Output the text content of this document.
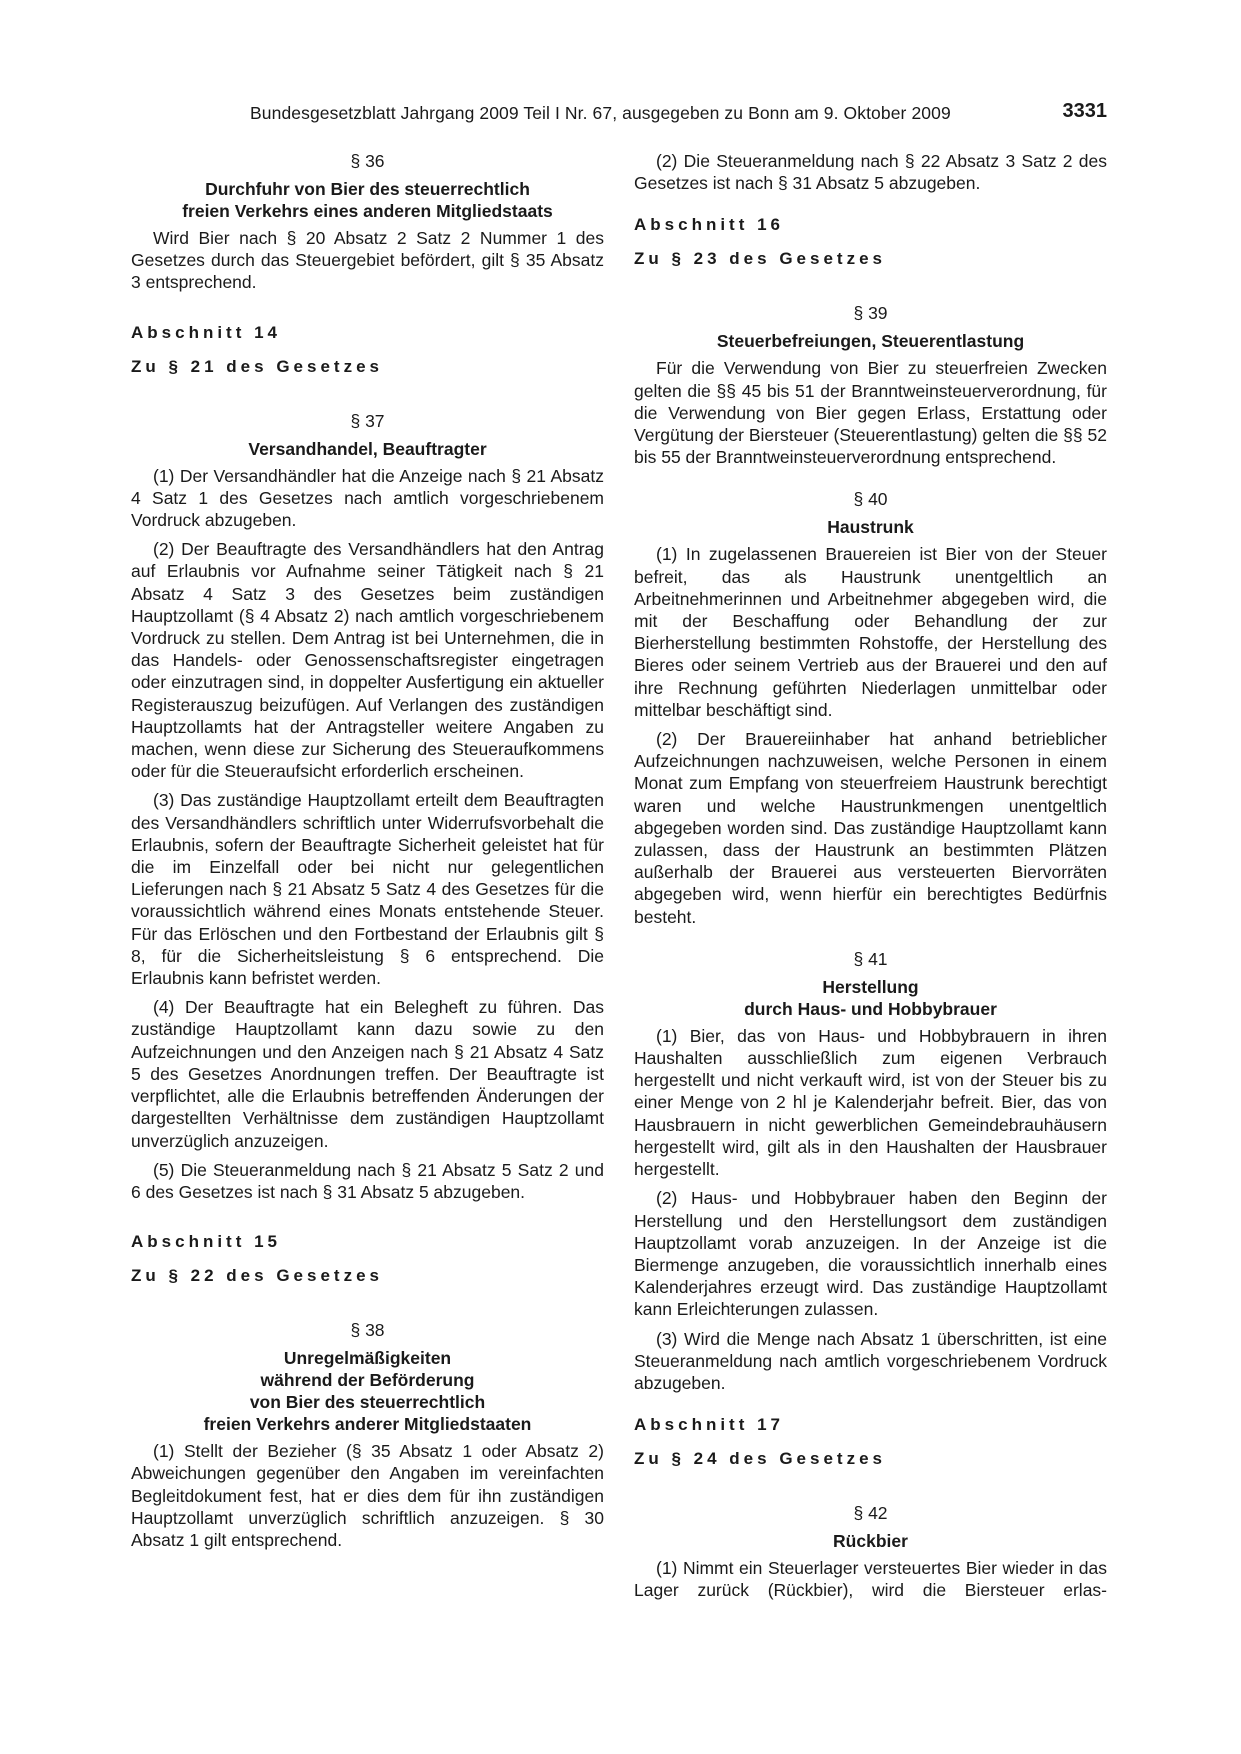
Bundesgesetzblatt Jahrgang 2009 Teil I Nr. 67, ausgegeben zu Bonn am 9. Oktober 2009	3331
§ 36
Durchfuhr von Bier des steuerrechtlich
freien Verkehrs eines anderen Mitgliedstaats

Wird Bier nach § 20 Absatz 2 Satz 2 Nummer 1 des Gesetzes durch das Steuergebiet befördert, gilt § 35 Absatz 3 entsprechend.

Abschnitt 14
Zu § 21 des Gesetzes
§ 37
Versandhandel, Beauftragter

(1) Der Versandhändler hat die Anzeige nach § 21 Absatz 4 Satz 1 des Gesetzes nach amtlich vorgeschriebenem Vordruck abzugeben.

(2) Der Beauftragte des Versandhändlers hat den Antrag auf Erlaubnis vor Aufnahme seiner Tätigkeit nach § 21 Absatz 4 Satz 3 des Gesetzes beim zuständigen Hauptzollamt (§ 4 Absatz 2) nach amtlich vorgeschriebenem Vordruck zu stellen. Dem Antrag ist bei Unternehmen, die in das Handels- oder Genossenschaftsregister eingetragen oder einzutragen sind, in doppelter Ausfertigung ein aktueller Registerauszug beizufügen. Auf Verlangen des zuständigen Hauptzollamts hat der Antragsteller weitere Angaben zu machen, wenn diese zur Sicherung des Steueraufkommens oder für die Steueraufsicht erforderlich erscheinen.

(3) Das zuständige Hauptzollamt erteilt dem Beauftragten des Versandhändlers schriftlich unter Widerrufsvorbehalt die Erlaubnis, sofern der Beauftragte Sicherheit geleistet hat für die im Einzelfall oder bei nicht nur gelegentlichen Lieferungen nach § 21 Absatz 5 Satz 4 des Gesetzes für die voraussichtlich während eines Monats entstehende Steuer. Für das Erlöschen und den Fortbestand der Erlaubnis gilt § 8, für die Sicherheitsleistung § 6 entsprechend. Die Erlaubnis kann befristet werden.

(4) Der Beauftragte hat ein Belegheft zu führen. Das zuständige Hauptzollamt kann dazu sowie zu den Aufzeichnungen und den Anzeigen nach § 21 Absatz 4 Satz 5 des Gesetzes Anordnungen treffen. Der Beauftragte ist verpflichtet, alle die Erlaubnis betreffenden Änderungen der dargestellten Verhältnisse dem zuständigen Hauptzollamt unverzüglich anzuzeigen.

(5) Die Steueranmeldung nach § 21 Absatz 5 Satz 2 und 6 des Gesetzes ist nach § 31 Absatz 5 abzugeben.

Abschnitt 15
Zu § 22 des Gesetzes
§ 38
Unregelmäßigkeiten
während der Beförderung
von Bier des steuerrechtlich
freien Verkehrs anderer Mitgliedstaaten

(1) Stellt der Bezieher (§ 35 Absatz 1 oder Absatz 2) Abweichungen gegenüber den Angaben im vereinfachten Begleitdokument fest, hat er dies dem für ihn zuständigen Hauptzollamt unverzüglich schriftlich anzuzeigen. § 30 Absatz 1 gilt entsprechend.

(2) Die Steueranmeldung nach § 22 Absatz 3 Satz 2 des Gesetzes ist nach § 31 Absatz 5 abzugeben.

Abschnitt 16
Zu § 23 des Gesetzes
§ 39
Steuerbefreiungen, Steuerentlastung

Für die Verwendung von Bier zu steuerfreien Zwecken gelten die §§ 45 bis 51 der Branntweinsteuerverordnung, für die Verwendung von Bier gegen Erlass, Erstattung oder Vergütung der Biersteuer (Steuerentlastung) gelten die §§ 52 bis 55 der Branntweinsteuerverordnung entsprechend.

§ 40
Haustrunk

(1) In zugelassenen Brauereien ist Bier von der Steuer befreit, das als Haustrunk unentgeltlich an Arbeitnehmerinnen und Arbeitnehmer abgegeben wird, die mit der Beschaffung oder Behandlung der zur Bierherstellung bestimmten Rohstoffe, der Herstellung des Bieres oder seinem Vertrieb aus der Brauerei und den auf ihre Rechnung geführten Niederlagen unmittelbar oder mittelbar beschäftigt sind.

(2) Der Brauereiinhaber hat anhand betrieblicher Aufzeichnungen nachzuweisen, welche Personen in einem Monat zum Empfang von steuerfreiem Haustrunk berechtigt waren und welche Haustrunkmengen unentgeltlich abgegeben worden sind. Das zuständige Hauptzollamt kann zulassen, dass der Haustrunk an bestimmten Plätzen außerhalb der Brauerei aus versteuerten Biervorräten abgegeben wird, wenn hierfür ein berechtigtes Bedürfnis besteht.

§ 41
Herstellung
durch Haus- und Hobbybrauer

(1) Bier, das von Haus- und Hobbybrauern in ihren Haushalten ausschließlich zum eigenen Verbrauch hergestellt und nicht verkauft wird, ist von der Steuer bis zu einer Menge von 2 hl je Kalenderjahr befreit. Bier, das von Hausbrauern in nicht gewerblichen Gemeindebrauhäusern hergestellt wird, gilt als in den Haushalten der Hausbrauer hergestellt.

(2) Haus- und Hobbybrauer haben den Beginn der Herstellung und den Herstellungsort dem zuständigen Hauptzollamt vorab anzuzeigen. In der Anzeige ist die Biermenge anzugeben, die voraussichtlich innerhalb eines Kalenderjahres erzeugt wird. Das zuständige Hauptzollamt kann Erleichterungen zulassen.

(3) Wird die Menge nach Absatz 1 überschritten, ist eine Steueranmeldung nach amtlich vorgeschriebenem Vordruck abzugeben.

Abschnitt 17
Zu § 24 des Gesetzes
§ 42
Rückbier

(1) Nimmt ein Steuerlager versteuertes Bier wieder in das Lager zurück (Rückbier), wird die Biersteuer erlas-
